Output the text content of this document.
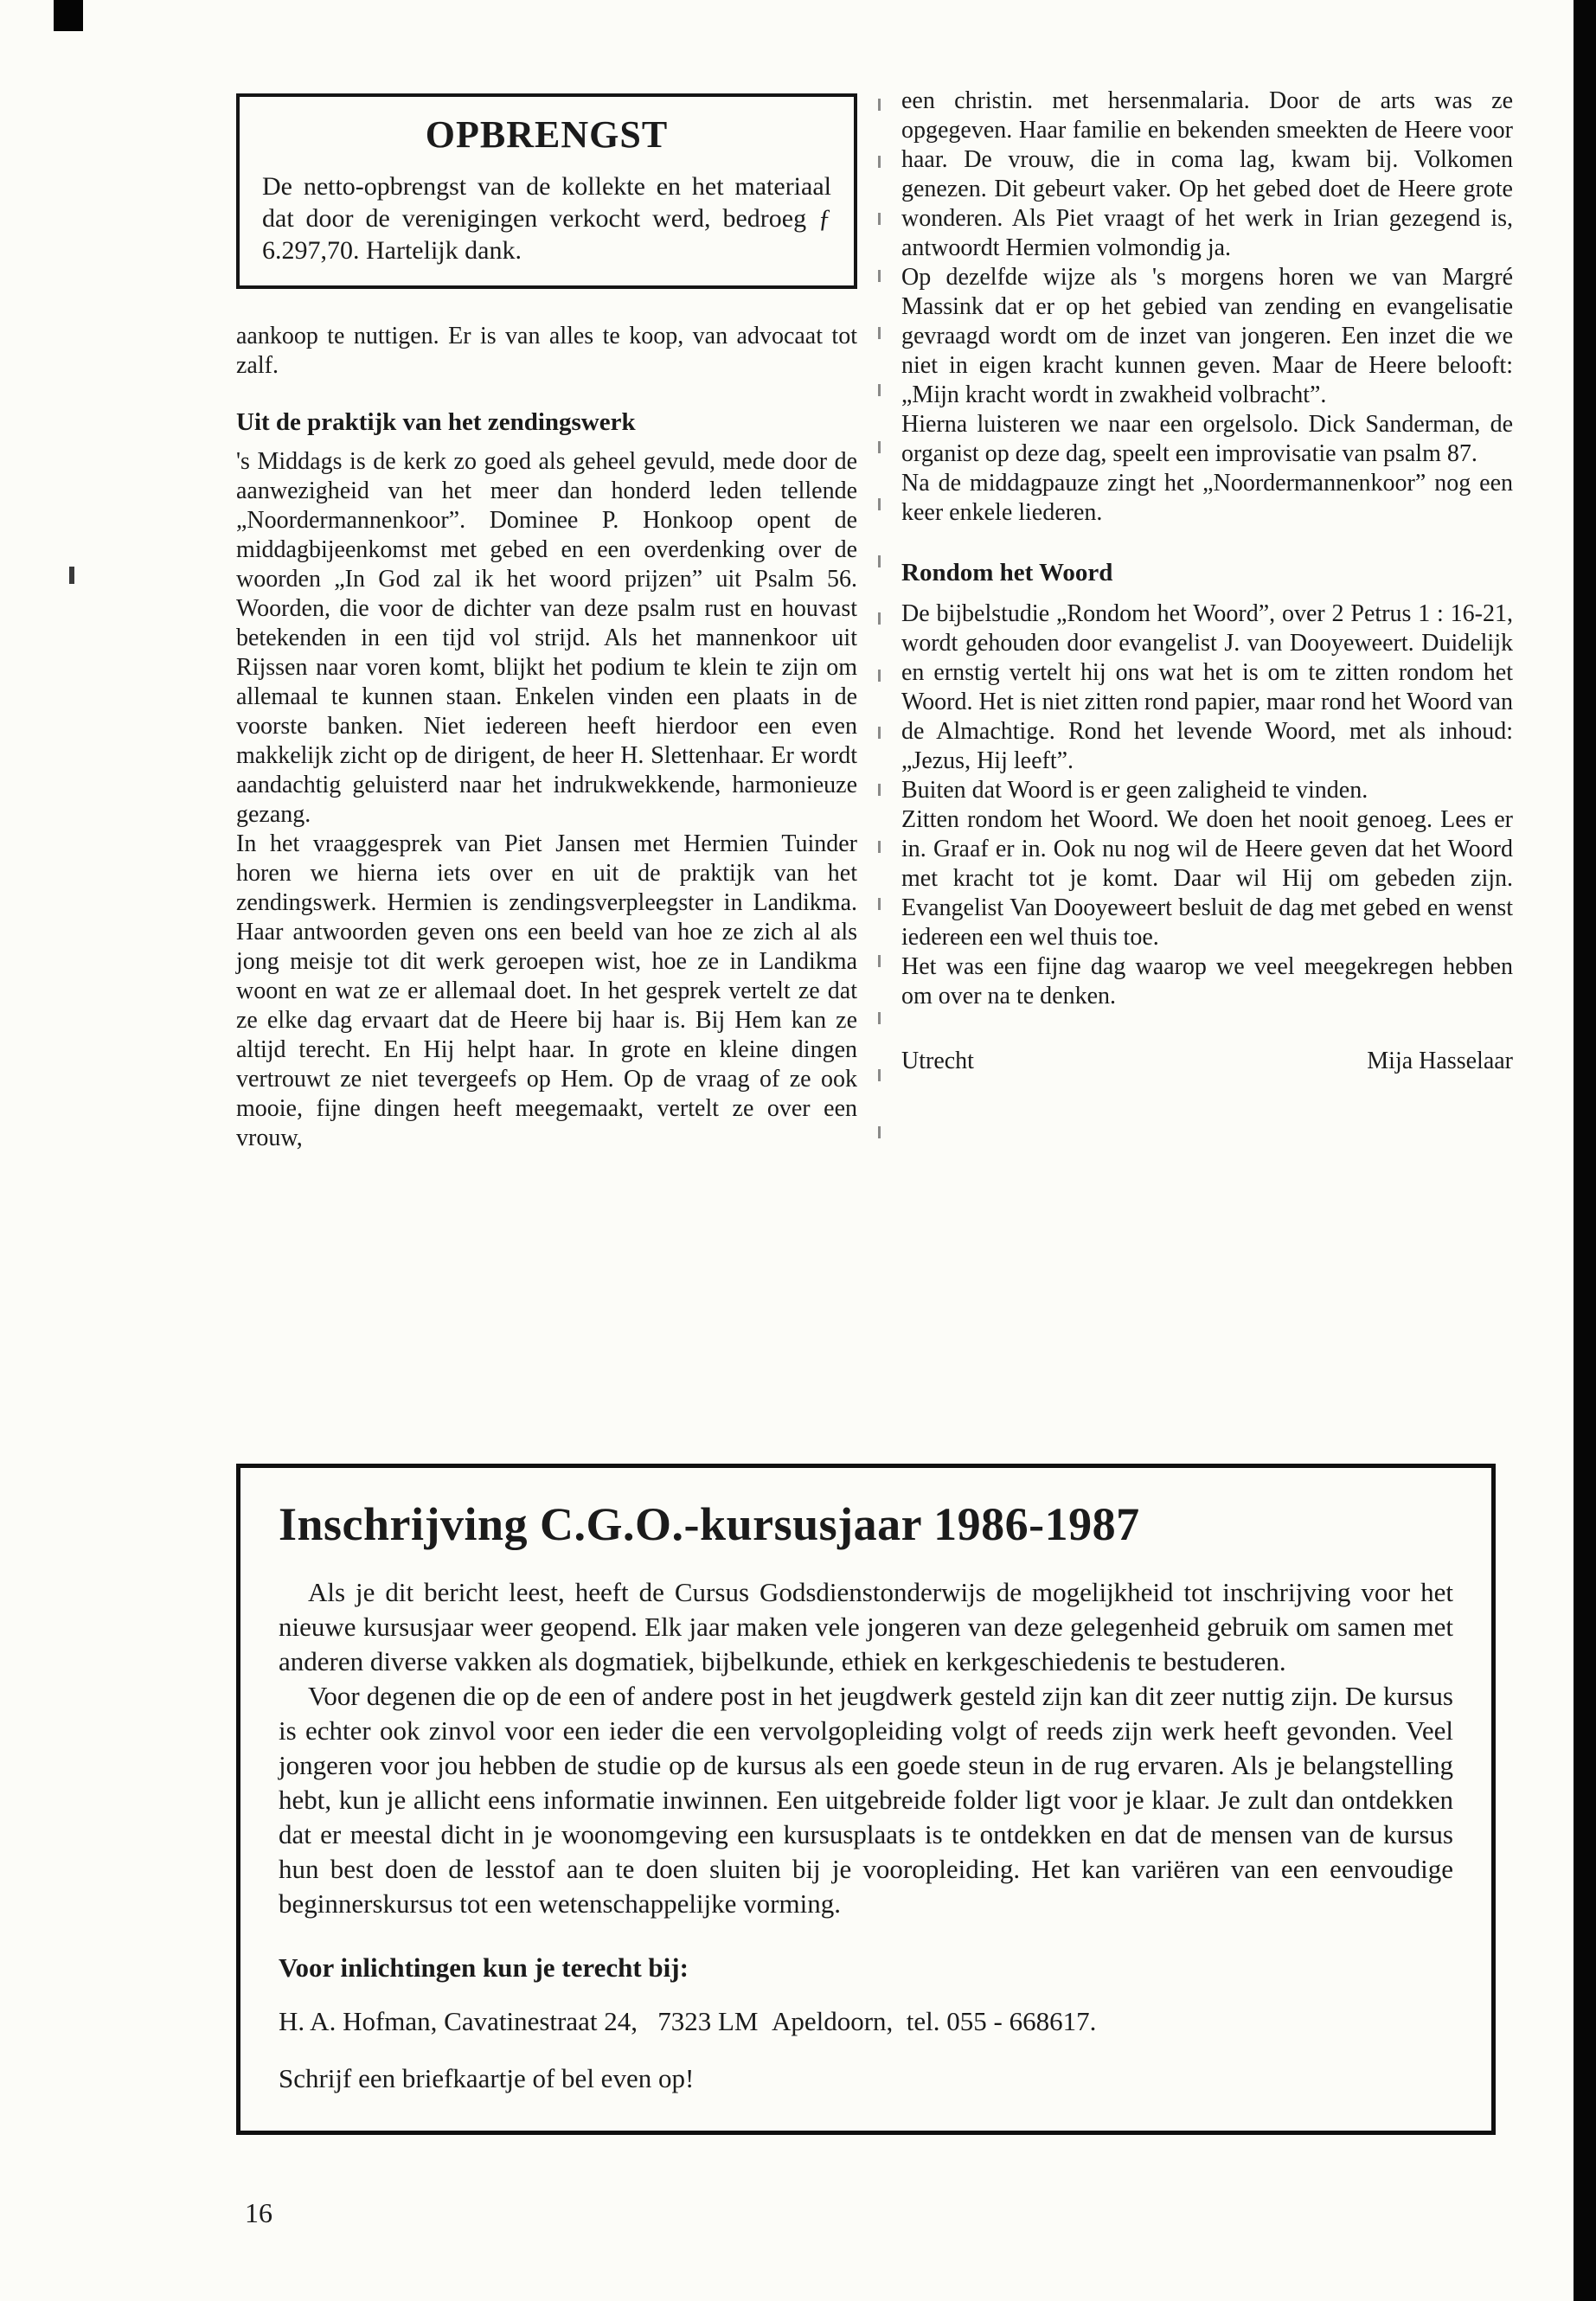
OPBRENGST

De netto-opbrengst van de kollekte en het materiaal dat door de verenigingen verkocht werd, bedroeg ƒ 6.297,70. Hartelijk dank.

aankoop te nuttigen. Er is van alles te koop, van advocaat tot zalf.

Uit de praktijk van het zendingswerk

's Middags is de kerk zo goed als geheel gevuld, mede door de aanwezigheid van het meer dan honderd leden tellende „Noordermannenkoor”. Dominee P. Honkoop opent de middagbijeenkomst met gebed en een overdenking over de woorden „In God zal ik het woord prijzen” uit Psalm 56. Woorden, die voor de dichter van deze psalm rust en houvast betekenden in een tijd vol strijd. Als het mannenkoor uit Rijssen naar voren komt, blijkt het podium te klein te zijn om allemaal te kunnen staan. Enkelen vinden een plaats in de voorste banken. Niet iedereen heeft hierdoor een even makkelijk zicht op de dirigent, de heer H. Slettenhaar. Er wordt aandachtig geluisterd naar het indrukwekkende, harmonieuze gezang.

In het vraaggesprek van Piet Jansen met Hermien Tuinder horen we hierna iets over en uit de praktijk van het zendingswerk. Hermien is zendingsverpleegster in Landikma. Haar antwoorden geven ons een beeld van hoe ze zich al als jong meisje tot dit werk geroepen wist, hoe ze in Landikma woont en wat ze er allemaal doet. In het gesprek vertelt ze dat ze elke dag ervaart dat de Heere bij haar is. Bij Hem kan ze altijd terecht. En Hij helpt haar. In grote en kleine dingen vertrouwt ze niet tevergeefs op Hem. Op de vraag of ze ook mooie, fijne dingen heeft meegemaakt, vertelt ze over een vrouw,

een christin. met hersenmalaria. Door de arts was ze opgegeven. Haar familie en bekenden smeekten de Heere voor haar. De vrouw, die in coma lag, kwam bij. Volkomen genezen. Dit gebeurt vaker. Op het gebed doet de Heere grote wonderen. Als Piet vraagt of het werk in Irian gezegend is, antwoordt Hermien volmondig ja.

Op dezelfde wijze als 's morgens horen we van Margré Massink dat er op het gebied van zending en evangelisatie gevraagd wordt om de inzet van jongeren. Een inzet die we niet in eigen kracht kunnen geven. Maar de Heere belooft: „Mijn kracht wordt in zwakheid volbracht”.

Hierna luisteren we naar een orgelsolo. Dick Sanderman, de organist op deze dag, speelt een improvisatie van psalm 87.

Na de middagpauze zingt het „Noordermannenkoor” nog een keer enkele liederen.

Rondom het Woord

De bijbelstudie „Rondom het Woord”, over 2 Petrus 1 : 16-21, wordt gehouden door evangelist J. van Dooyeweert. Duidelijk en ernstig vertelt hij ons wat het is om te zitten rondom het Woord. Het is niet zitten rond papier, maar rond het Woord van de Almachtige. Rond het levende Woord, met als inhoud: „Jezus, Hij leeft”.

Buiten dat Woord is er geen zaligheid te vinden.

Zitten rondom het Woord. We doen het nooit genoeg. Lees er in. Graaf er in. Ook nu nog wil de Heere geven dat het Woord met kracht tot je komt. Daar wil Hij om gebeden zijn. Evangelist Van Dooyeweert besluit de dag met gebed en wenst iedereen een wel thuis toe.

Het was een fijne dag waarop we veel meegekregen hebben om over na te denken.

Utrecht	Mija Hasselaar
Inschrijving C.G.O.-kursusjaar 1986-1987

Als je dit bericht leest, heeft de Cursus Godsdienstonderwijs de mogelijkheid tot inschrijving voor het nieuwe kursusjaar weer geopend. Elk jaar maken vele jongeren van deze gelegenheid gebruik om samen met anderen diverse vakken als dogmatiek, bijbelkunde, ethiek en kerkgeschiedenis te bestuderen.

Voor degenen die op de een of andere post in het jeugdwerk gesteld zijn kan dit zeer nuttig zijn. De kursus is echter ook zinvol voor een ieder die een vervolgopleiding volgt of reeds zijn werk heeft gevonden. Veel jongeren voor jou hebben de studie op de kursus als een goede steun in de rug ervaren. Als je belangstelling hebt, kun je allicht eens informatie inwinnen. Een uitgebreide folder ligt voor je klaar. Je zult dan ontdekken dat er meestal dicht in je woonomgeving een kursusplaats is te ontdekken en dat de mensen van de kursus hun best doen de lesstof aan te doen sluiten bij je vooropleiding. Het kan variëren van een eenvoudige beginnerskursus tot een wetenschappelijke vorming.

Voor inlichtingen kun je terecht bij:

H. A. Hofman, Cavatinestraat 24,   7323 LM  Apeldoorn,  tel. 055 - 668617.

Schrijf een briefkaartje of bel even op!

16
